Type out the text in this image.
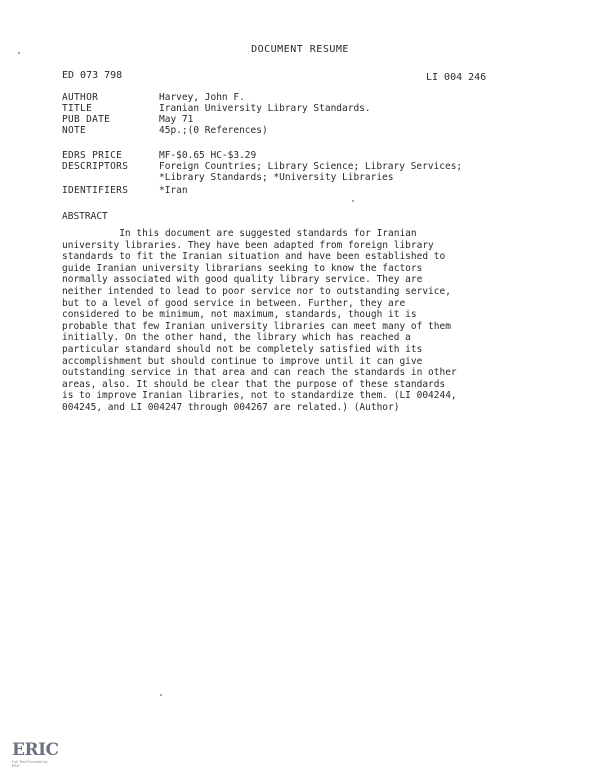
DOCUMENT RESUME
ED 073 798	LI 004 246
AUTHOR	Harvey, John F.
TITLE	Iranian University Library Standards.
PUB DATE	May 71
NOTE	45p.;(0 References)
EDRS PRICE	MF-$0.65 HC-$3.29
DESCRIPTORS	Foreign Countries; Library Science; Library Services;
*Library Standards; *University Libraries
IDENTIFIERS	*Iran
ABSTRACT
In this document are suggested standards for Iranian
university libraries. They have been adapted from foreign library
standards to fit the Iranian situation and have been established to
guide Iranian university librarians seeking to know the factors
normally associated with good quality library service. They are
neither intended to lead to poor service nor to outstanding service,
but to a level of good service in between. Further, they are
considered to be minimum, not maximum, standards, though it is
probable that few Iranian university libraries can meet many of them
initially. On the other hand, the library which has reached a
particular standard should not be completely satisfied with its
accomplishment but should continue to improve until it can give
outstanding service in that area and can reach the standards in other
areas, also. It should be clear that the purpose of these standards
is to improve Iranian libraries, not to standardize them. (LI 004244,
004245, and LI 004247 through 004267 are related.) (Author)
ERIC
Full Text Provided by ERIC
